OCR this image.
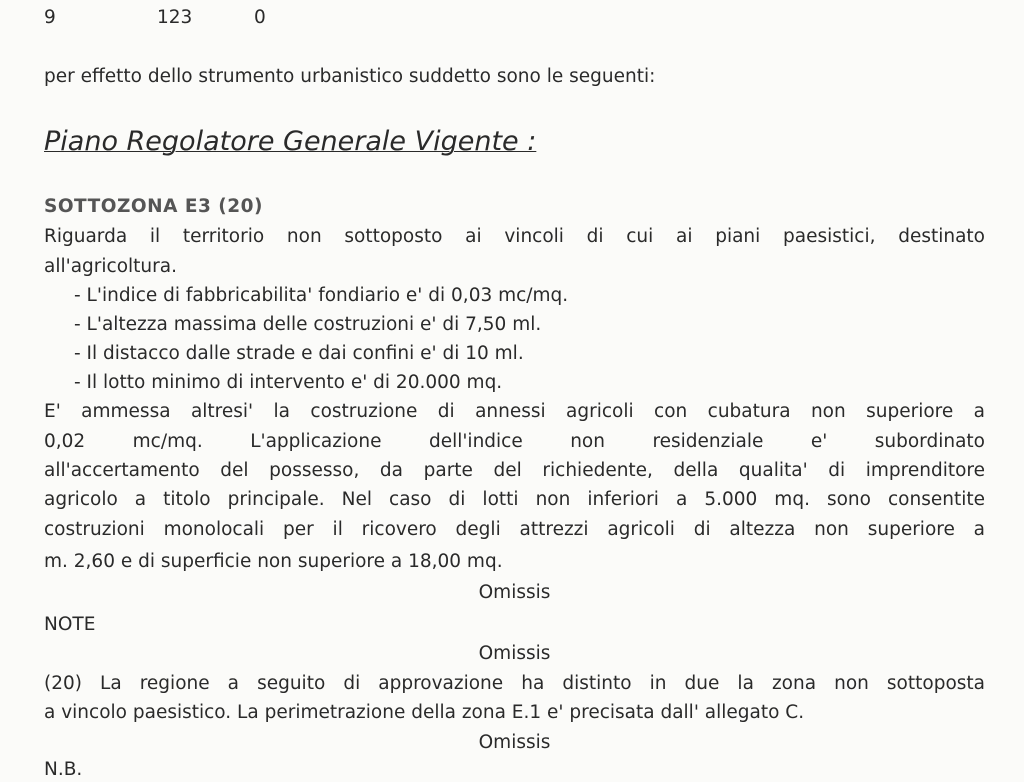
9	123	0
per effetto dello strumento urbanistico suddetto sono le seguenti:
Piano Regolatore Generale Vigente :
SOTTOZONA E3 (20)
Riguarda il territorio non sottoposto ai vincoli di cui ai piani paesistici, destinato
all'agricoltura.
- L'indice di fabbricabilita' fondiario e' di 0,03 mc/mq.
- L'altezza massima delle costruzioni e' di 7,50 ml.
- Il distacco dalle strade e dai confini e' di 10 ml.
- Il lotto minimo di intervento e' di 20.000 mq.
E' ammessa altresi' la costruzione di annessi agricoli con cubatura non superiore a
0,02 mc/mq. L'applicazione dell'indice non residenziale e' subordinato
all'accertamento del possesso, da parte del richiedente, della qualita' di imprenditore
agricolo a titolo principale. Nel caso di lotti non inferiori a 5.000 mq. sono consentite
costruzioni monolocali per il ricovero degli attrezzi agricoli di altezza non superiore a
m. 2,60 e di superficie non superiore a 18,00 mq.
Omissis
NOTE
Omissis
(20) La regione a seguito di approvazione ha distinto in due la zona non sottoposta
a vincolo paesistico. La perimetrazione della zona E.1 e' precisata dall' allegato C.
Omissis
N.B.
